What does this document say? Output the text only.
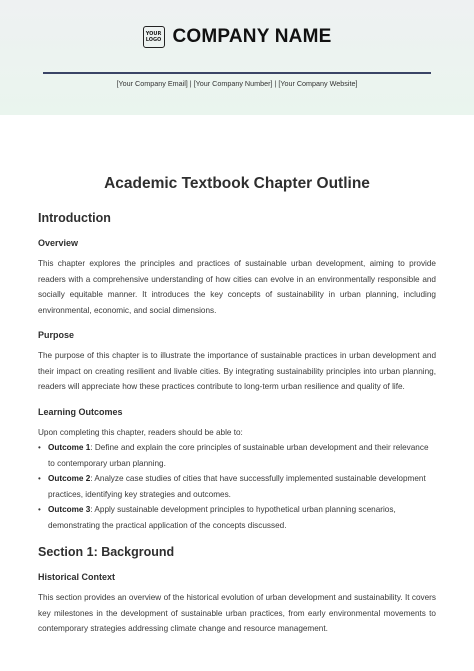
YOUR
LOGO COMPANY NAME
[Your Company Email] | [Your Company Number] | [Your Company Website]
Academic Textbook Chapter Outline
Introduction
Overview

This chapter explores the principles and practices of sustainable urban development, aiming to provide readers with a comprehensive understanding of how cities can evolve in an environmentally responsible and socially equitable manner. It introduces the key concepts of sustainability in urban planning, including environmental, economic, and social dimensions.

Purpose

The purpose of this chapter is to illustrate the importance of sustainable practices in urban development and their impact on creating resilient and livable cities. By integrating sustainability principles into urban planning, readers will appreciate how these practices contribute to long-term urban resilience and quality of life.

Learning Outcomes

Upon completing this chapter, readers should be able to:

• Outcome 1: Define and explain the core principles of sustainable urban development and their relevance to contemporary urban planning.
• Outcome 2: Analyze case studies of cities that have successfully implemented sustainable development practices, identifying key strategies and outcomes.
• Outcome 3: Apply sustainable development principles to hypothetical urban planning scenarios, demonstrating the practical application of the concepts discussed.
Section 1: Background
Historical Context

This section provides an overview of the historical evolution of urban development and sustainability. It covers key milestones in the development of sustainable urban practices, from early environmental movements to contemporary strategies addressing climate change and resource management.
